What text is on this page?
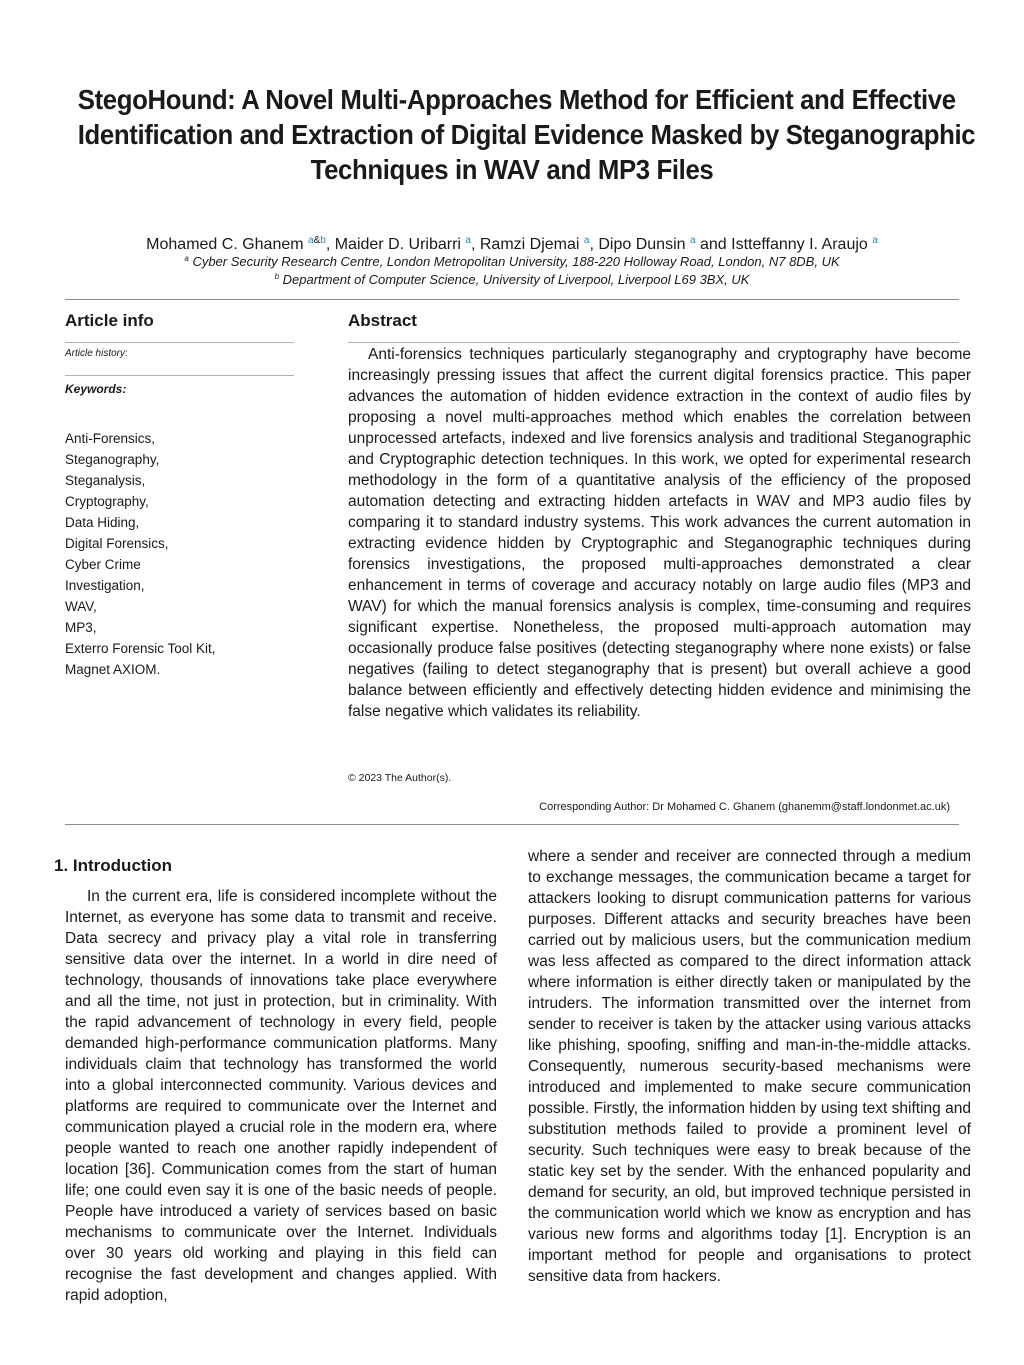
StegoHound: A Novel Multi-Approaches Method for Efficient and Effective
Identification and Extraction of Digital Evidence Masked by Steganographic
Techniques in WAV and MP3 Files
Mohamed C. Ghanem $^{a\&b}$, Maider D. Uribarri $^a$, Ramzi Djemai $^a$, Dipo Dunsin $^a$ and Istteffanny I. Araujo $^a$
$^a$ Cyber Security Research Centre, London Metropolitan University, 188-220 Holloway Road, London, N7 8DB, UK
$^b$ Department of Computer Science, University of Liverpool, Liverpool L69 3BX, UK
Article info
Article history:
Keywords:
Anti-Forensics,
Steganography,
Steganalysis,
Cryptography,
Data Hiding,
Digital Forensics,
Cyber Crime
Investigation,
WAV,
MP3,
Exterro Forensic Tool Kit,
Magnet AXIOM.
Abstract

Anti-forensics techniques particularly steganography and cryptography have become increasingly pressing issues that affect the current digital forensics practice. This paper advances the automation of hidden evidence extraction in the context of audio files by proposing a novel multi-approaches method which enables the correlation between unprocessed artefacts, indexed and live forensics analysis and traditional Steganographic and Cryptographic detection techniques. In this work, we opted for experimental research methodology in the form of a quantitative analysis of the efficiency of the proposed automation detecting and extracting hidden artefacts in WAV and MP3 audio files by comparing it to standard industry systems. This work advances the current automation in extracting evidence hidden by Cryptographic and Steganographic techniques during forensics investigations, the proposed multi-approaches demonstrated a clear enhancement in terms of coverage and accuracy notably on large audio files (MP3 and WAV) for which the manual forensics analysis is complex, time-consuming and requires significant expertise. Nonetheless, the proposed multi-approach automation may occasionally produce false positives (detecting steganography where none exists) or false negatives (failing to detect steganography that is present) but overall achieve a good balance between efficiently and effectively detecting hidden evidence and minimising the false negative which validates its reliability.

© 2023 The Author(s).
Corresponding Author: Dr Mohamed C. Ghanem (ghanemm@staff.londonmet.ac.uk)
1. Introduction

In the current era, life is considered incomplete without the Internet, as everyone has some data to transmit and receive. Data secrecy and privacy play a vital role in transferring sensitive data over the internet. In a world in dire need of technology, thousands of innovations take place everywhere and all the time, not just in protection, but in criminality. With the rapid advancement of technology in every field, people demanded high-performance communication platforms. Many individuals claim that technology has transformed the world into a global interconnected community. Various devices and platforms are required to communicate over the Internet and communication played a crucial role in the modern era, where people wanted to reach one another rapidly independent of location [36]. Communication comes from the start of human life; one could even say it is one of the basic needs of people. People have introduced a variety of services based on basic mechanisms to communicate over the Internet. Individuals over 30 years old working and playing in this field can recognise the fast development and changes applied. With rapid adoption,

where a sender and receiver are connected through a medium to exchange messages, the communication became a target for attackers looking to disrupt communication patterns for various purposes. Different attacks and security breaches have been carried out by malicious users, but the communication medium was less affected as compared to the direct information attack where information is either directly taken or manipulated by the intruders. The information transmitted over the internet from sender to receiver is taken by the attacker using various attacks like phishing, spoofing, sniffing and man-in-the-middle attacks. Consequently, numerous security-based mechanisms were introduced and implemented to make secure communication possible. Firstly, the information hidden by using text shifting and substitution methods failed to provide a prominent level of security. Such techniques were easy to break because of the static key set by the sender. With the enhanced popularity and demand for security, an old, but improved technique persisted in the communication world which we know as encryption and has various new forms and algorithms today [1]. Encryption is an important method for people and organisations to protect sensitive data from hackers.
